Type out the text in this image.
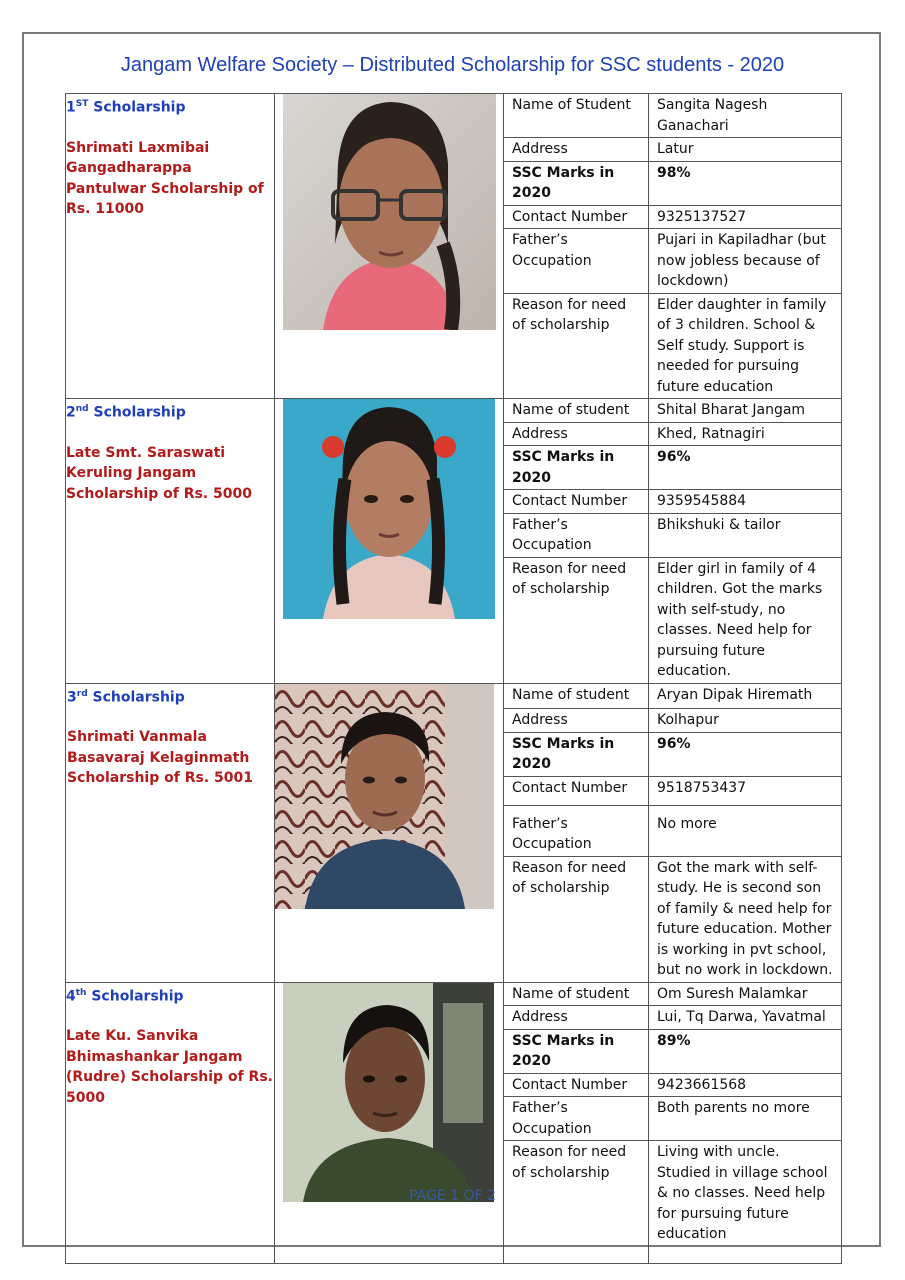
Jangam Welfare Society – Distributed Scholarship for SSC students - 2020
1ST Scholarship
Shrimati Laxmibai Gangadharappa Pantulwar Scholarship of Rs. 11000

Name of Student	Sangita Nagesh Ganachari
Address	Latur
SSC Marks in 2020	98%
Contact Number	9325137527
Father’s Occupation	Pujari in Kapiladhar (but now jobless because of lockdown)
Reason for need of scholarship	Elder daughter in family of 3 children. School & Self study. Support is needed for pursuing future education

2nd Scholarship
Late Smt. Saraswati Keruling Jangam Scholarship of Rs. 5000

Name of student	Shital Bharat Jangam
Address	Khed, Ratnagiri
SSC Marks in 2020	96%
Contact Number	9359545884
Father’s Occupation	Bhikshuki & tailor
Reason for need of scholarship	Elder girl in family of 4 children. Got the marks with self-study, no classes. Need help for pursuing future education.

3rd Scholarship
Shrimati Vanmala Basavaraj Kelaginmath Scholarship of Rs. 5001

Name of student	Aryan Dipak Hiremath
Address	Kolhapur
SSC Marks in 2020	96%
Contact Number	9518753437
Father’s Occupation	No more
Reason for need of scholarship	Got the mark with self-study. He is second son of family & need help for future education. Mother is working in pvt school, but no work in lockdown.

4th Scholarship
Late Ku. Sanvika Bhimashankar Jangam (Rudre) Scholarship of Rs. 5000

Name of student	Om Suresh Malamkar
Address	Lui, Tq Darwa, Yavatmal
SSC Marks in 2020	89%
Contact Number	9423661568
Father’s Occupation	Both parents no more
Reason for need of scholarship	Living with uncle. Studied in village school & no classes. Need help for pursuing future education
PAGE 1 OF 2
